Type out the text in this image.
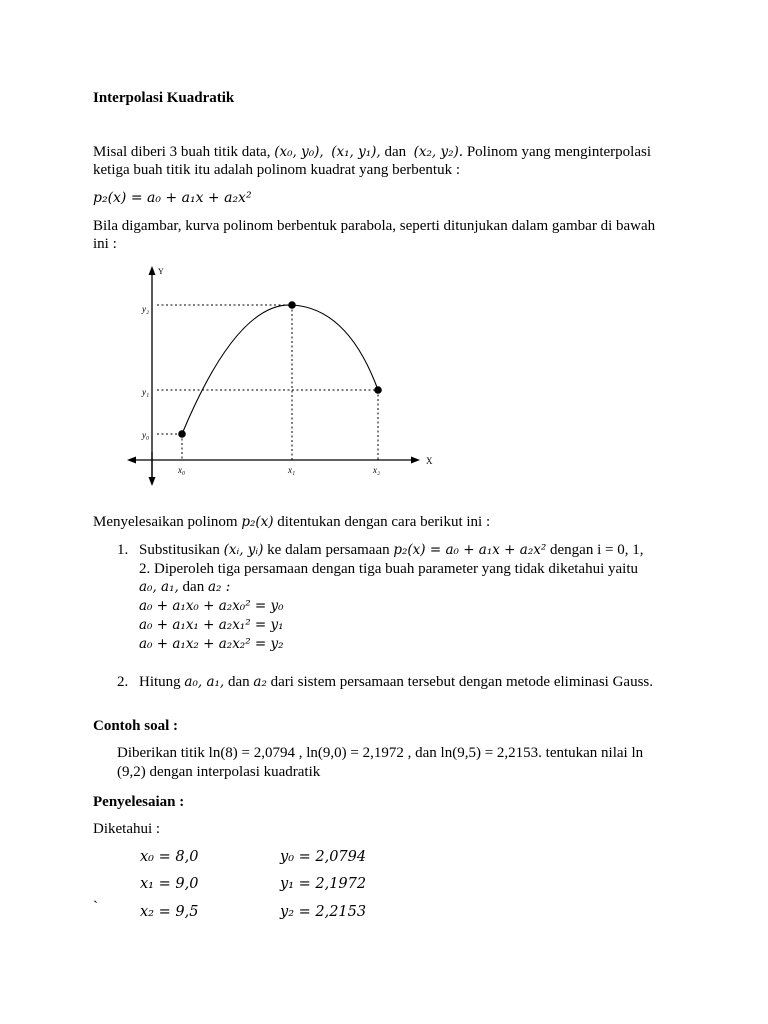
Interpolasi Kuadratik
Misal diberi 3 buah titik data, (x₀, y₀), (x₁, y₁), dan (x₂, y₂). Polinom yang menginterpolasi
ketiga buah titik itu adalah polinom kuadrat yang berbentuk :
p₂(x) = a₀ + a₁x + a₂x²
Bila digambar, kurva polinom berbentuk parabola, seperti ditunjukan dalam gambar di bawah
ini :
Y
X
y₂
y₁
y₀
x₀	x₁	x₂
Menyelesaikan polinom p₂(x) ditentukan dengan cara berikut ini :
1. Substitusikan (xᵢ, yᵢ) ke dalam persamaan p₂(x) = a₀ + a₁x + a₂x² dengan i = 0, 1,
2. Diperoleh tiga persamaan dengan tiga buah parameter yang tidak diketahui yaitu
a₀, a₁, dan a₂ :
a₀ + a₁x₀ + a₂x₀² = y₀
a₀ + a₁x₁ + a₂x₁² = y₁
a₀ + a₁x₂ + a₂x₂² = y₂
2. Hitung a₀, a₁, dan a₂ dari sistem persamaan tersebut dengan metode eliminasi Gauss.
Contoh soal :
Diberikan titik ln(8) = 2,0794 , ln(9,0) = 2,1972 , dan ln(9,5) = 2,2153. tentukan nilai ln
(9,2) dengan interpolasi kuadratik
Penyelesaian :
Diketahui :
x₀ = 8,0	y₀ = 2,0794
x₁ = 9,0	y₁ = 2,1972
`	x₂ = 9,5	y₂ = 2,2153
